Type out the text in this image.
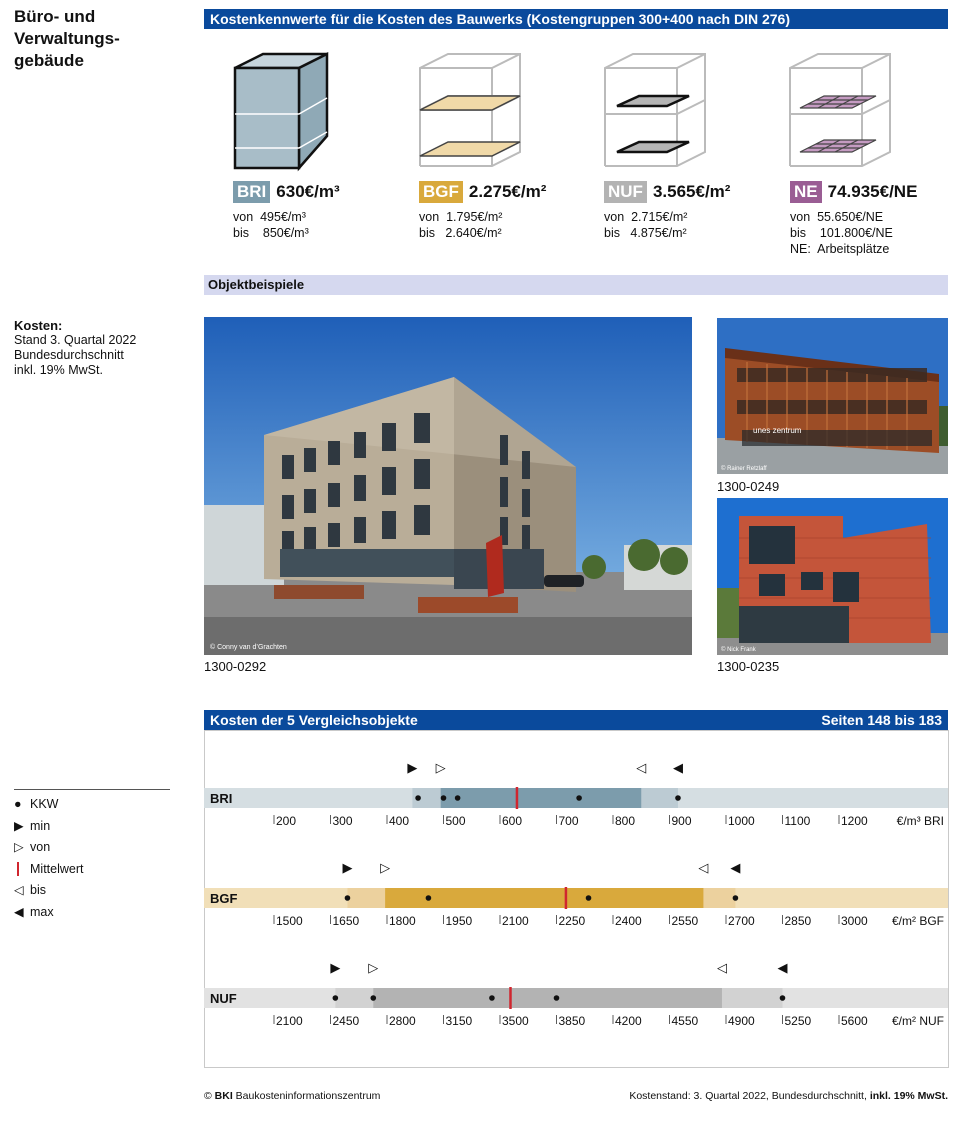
Büro- und
Verwaltungs-
gebäude
Kostenkennwerte für die Kosten des Bauwerks (Kostengruppen 300+400 nach DIN 276)
BRI 630€/m³
von 495€/m³
bis 850€/m³
BGF 2.275€/m²
von 1.795€/m²
bis 2.640€/m²
NUF 3.565€/m²
von 2.715€/m²
bis 4.875€/m²
NE 74.935€/NE
von 55.650€/NE
bis 101.800€/NE
NE: Arbeitsplätze
Objektbeispiele
Kosten:
Stand 3. Quartal 2022
Bundesdurchschnitt
inkl. 19% MwSt.
© Conny van d’Grachten
1300-0292
unes zentrum
© Rainer Retzlaff
1300-0249
© Nick Frank
1300-0235
Kosten der 5 Vergleichsobjekte	Seiten 148 bis 183
● KKW
▶ min
▷ von
Mittelwert
◁ bis
◀ max
BRI
▶ ▷	◁ ◀
200	300	400	500	600	700	800	900	1000 1100	1200 €/m³ BRI
BGF
▶ ▷	◁ ◀
1500 1650 1800 1950 2100 2250 2400 2550 2700 2850 3000 €/m² BGF
NUF
▶ ▷	◁	◀
2100 2450 2800 3150 3500 3850 4200 4550 4900 5250 5600 €/m² NUF
© BKI Baukosteninformationszentrum	Kostenstand: 3. Quartal 2022, Bundesdurchschnitt, inkl. 19% MwSt.
